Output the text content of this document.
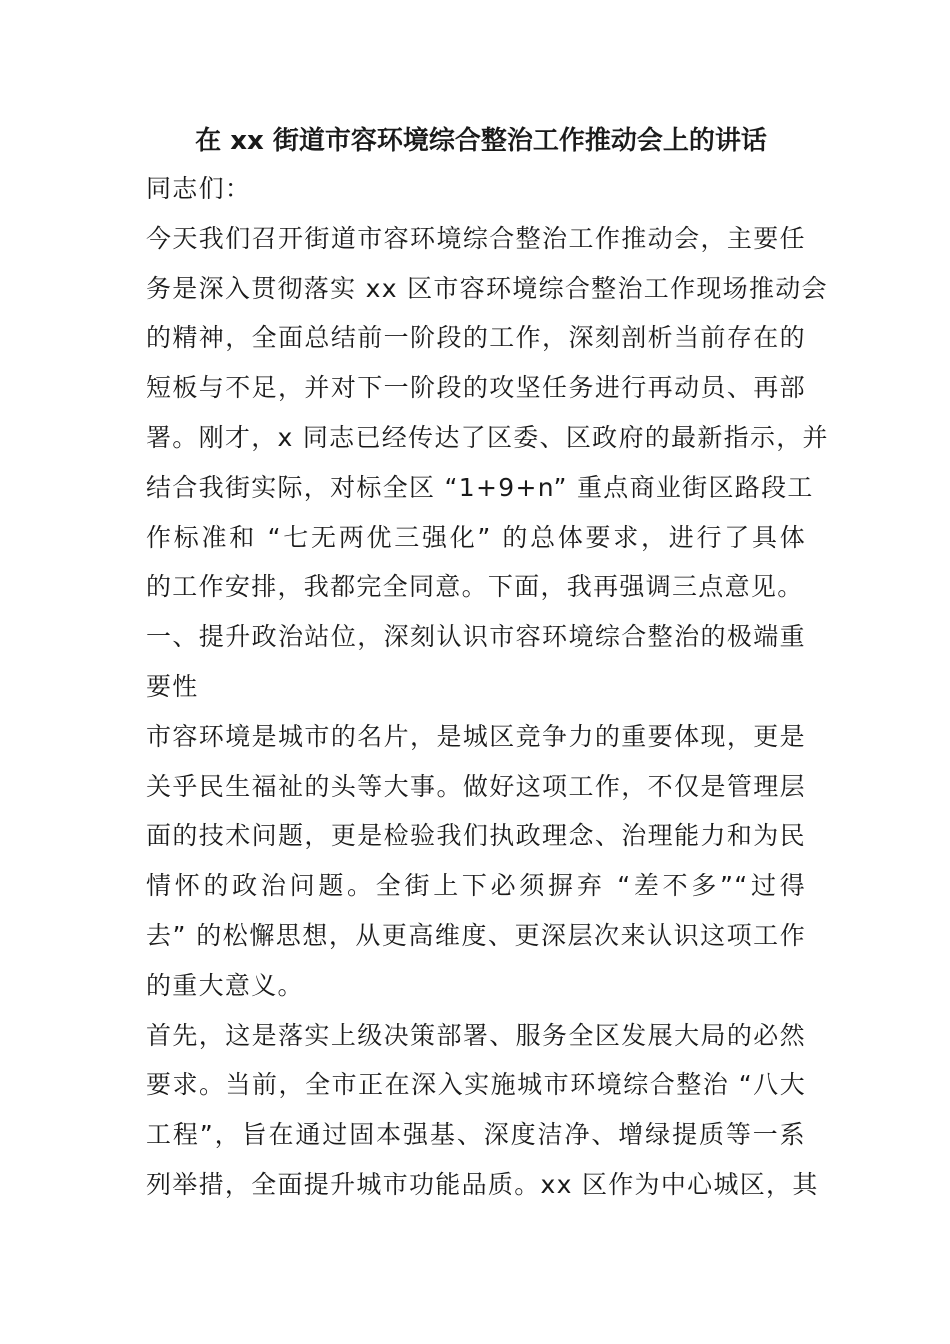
在 xx 街道市容环境综合整治工作推动会上的讲话
同志们：
今天我们召开街道市容环境综合整治工作推动会，主要任
务是深入贯彻落实 xx 区市容环境综合整治工作现场推动会
的精神，全面总结前一阶段的工作，深刻剖析当前存在的
短板与不足，并对下一阶段的攻坚任务进行再动员、再部
署。刚才，x 同志已经传达了区委、区政府的最新指示，并
结合我街实际，对标全区 “1+9+n” 重点商业街区路段工
作标准和 “七无两优三强化” 的总体要求，进行了具体
的工作安排，我都完全同意。下面，我再强调三点意见。
一、提升政治站位，深刻认识市容环境综合整治的极端重
要性
市容环境是城市的名片，是城区竞争力的重要体现，更是
关乎民生福祉的头等大事。做好这项工作，不仅是管理层
面的技术问题，更是检验我们执政理念、治理能力和为民
情怀的政治问题。全街上下必须摒弃 “差不多”“过得
去” 的松懈思想，从更高维度、更深层次来认识这项工作
的重大意义。
首先，这是落实上级决策部署、服务全区发展大局的必然
要求。当前，全市正在深入实施城市环境综合整治 “八大
工程”，旨在通过固本强基、深度洁净、增绿提质等一系
列举措，全面提升城市功能品质。xx 区作为中心城区，其
